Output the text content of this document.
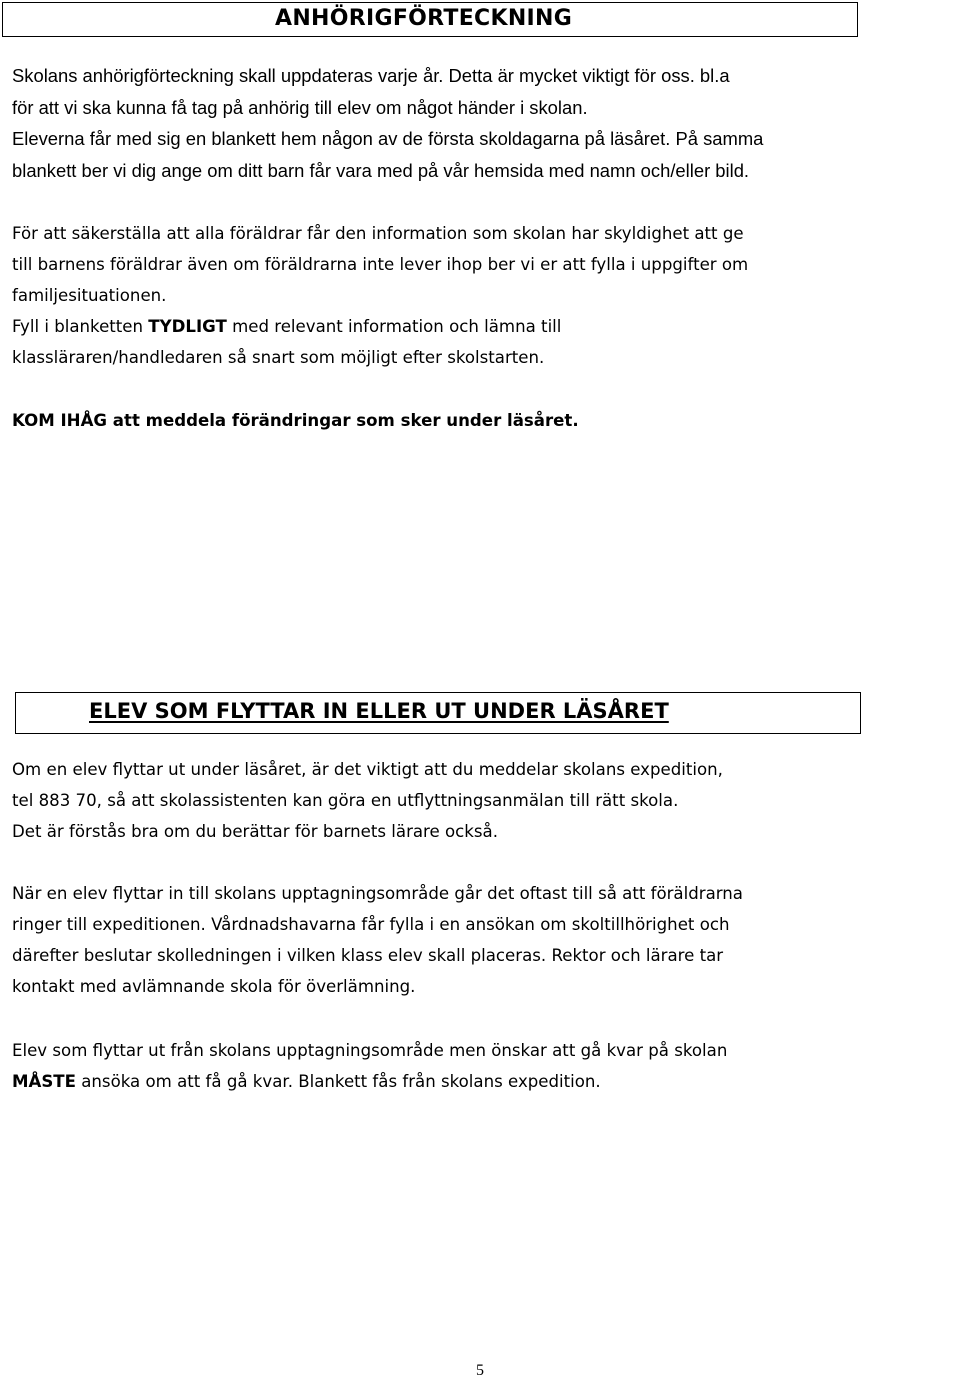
ANHÖRIGFÖRTECKNING

Skolans anhörigförteckning skall uppdateras varje år. Detta är mycket viktigt för oss. bl.a
för att vi ska kunna få tag på anhörig till elev om något händer i skolan.
Eleverna får med sig en blankett hem någon av de första skoldagarna på läsåret. På samma
blankett ber vi dig ange om ditt barn får vara med på vår hemsida med namn och/eller bild.

För att säkerställa att alla föräldrar får den information som skolan har skyldighet att ge
till barnens föräldrar även om föräldrarna inte lever ihop ber vi er att fylla i uppgifter om
familjesituationen.
Fyll i blanketten TYDLIGT med relevant information och lämna till
klassläraren/handledaren så snart som möjligt efter skolstarten.

KOM IHÅG att meddela förändringar som sker under läsåret.

ELEV SOM FLYTTAR IN ELLER UT UNDER LÄSÅRET

Om en elev flyttar ut under läsåret, är det viktigt att du meddelar skolans expedition,
tel 883 70, så att skolassistenten kan göra en utflyttningsanmälan till rätt skola.
Det är förstås bra om du berättar för barnets lärare också.

När en elev flyttar in till skolans upptagningsområde går det oftast till så att föräldrarna
ringer till expeditionen. Vårdnadshavarna får fylla i en ansökan om skoltillhörighet och
därefter beslutar skolledningen i vilken klass elev skall placeras. Rektor och lärare tar
kontakt med avlämnande skola för överlämning.

Elev som flyttar ut från skolans upptagningsområde men önskar att gå kvar på skolan
MÅSTE ansöka om att få gå kvar. Blankett fås från skolans expedition.

5
